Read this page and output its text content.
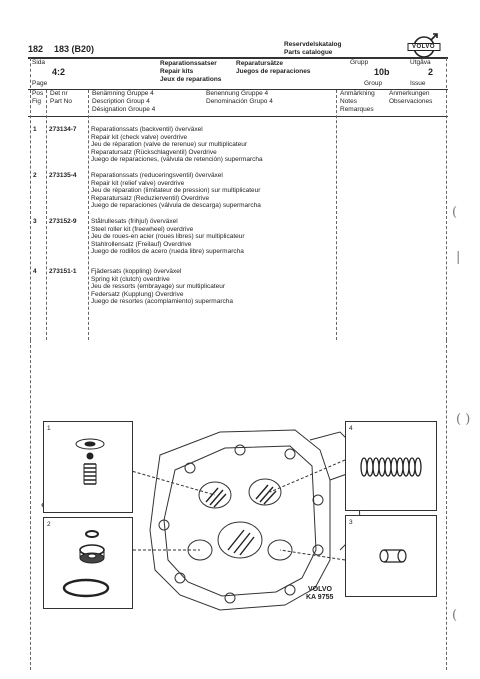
182 183 (B20)	Reservdelskatalog
Parts catalogue
VOLVO
Sida
4:2
Page
Reparationssatser
Repair kits
Jeux de reparations
Reparatursätze
Juegos de reparaciones
Grupp
10b
Group
Utgåva
2
Issue
Pos
Fig
Det nr
Part No
Benämning Gruppe 4
Description Group 4
Désignation Groupe 4
Benennung Gruppe 4
Denominación Grupo 4
Anmärkning
Notes
Remarques
Anmerkungen
Observaciones
1 273134-7 Reparationssats (backventil) överväxel
Repair kit (check valve) overdrive
Jeu de réparation (valve de rerenue) sur multiplicateur
Reparatursatz (Rückschlagventil) Overdrive
Juego de reparaciones, (válvula de retención) supermarcha
2 273135-4 Reparationssats (reduceringsventil) överväxel
Repair kit (relief valve) overdrive
Jeu de réparation (limitateur de pression) sur multiplicateur
Reparatursatz (Reduzierventil) Overdrive
Juego de reparaciones (válvula de descarga) supermarcha
3 273152-9 Stålrullesats (frihjul) överväxel
Steel roller kit (freewheel) overdrive
Jeu de roues-en acier (roues libres) sur multiplicateur
Stahlrollensatz (Freilauf) Overdrive
Juego de rodillos de acero (rueda libre) supermarcha
4 273151-1 Fjädersats (koppling) överväxel
Spring kit (clutch) overdrive
Jeu de ressorts (embrayage) sur multiplicateur
Federsatz (Kupplung) Overdrive
Juego de resortes (acomplamiento) supermarcha
(
|
( )
(
1
2
4
3
VOLVO
KA 9755
